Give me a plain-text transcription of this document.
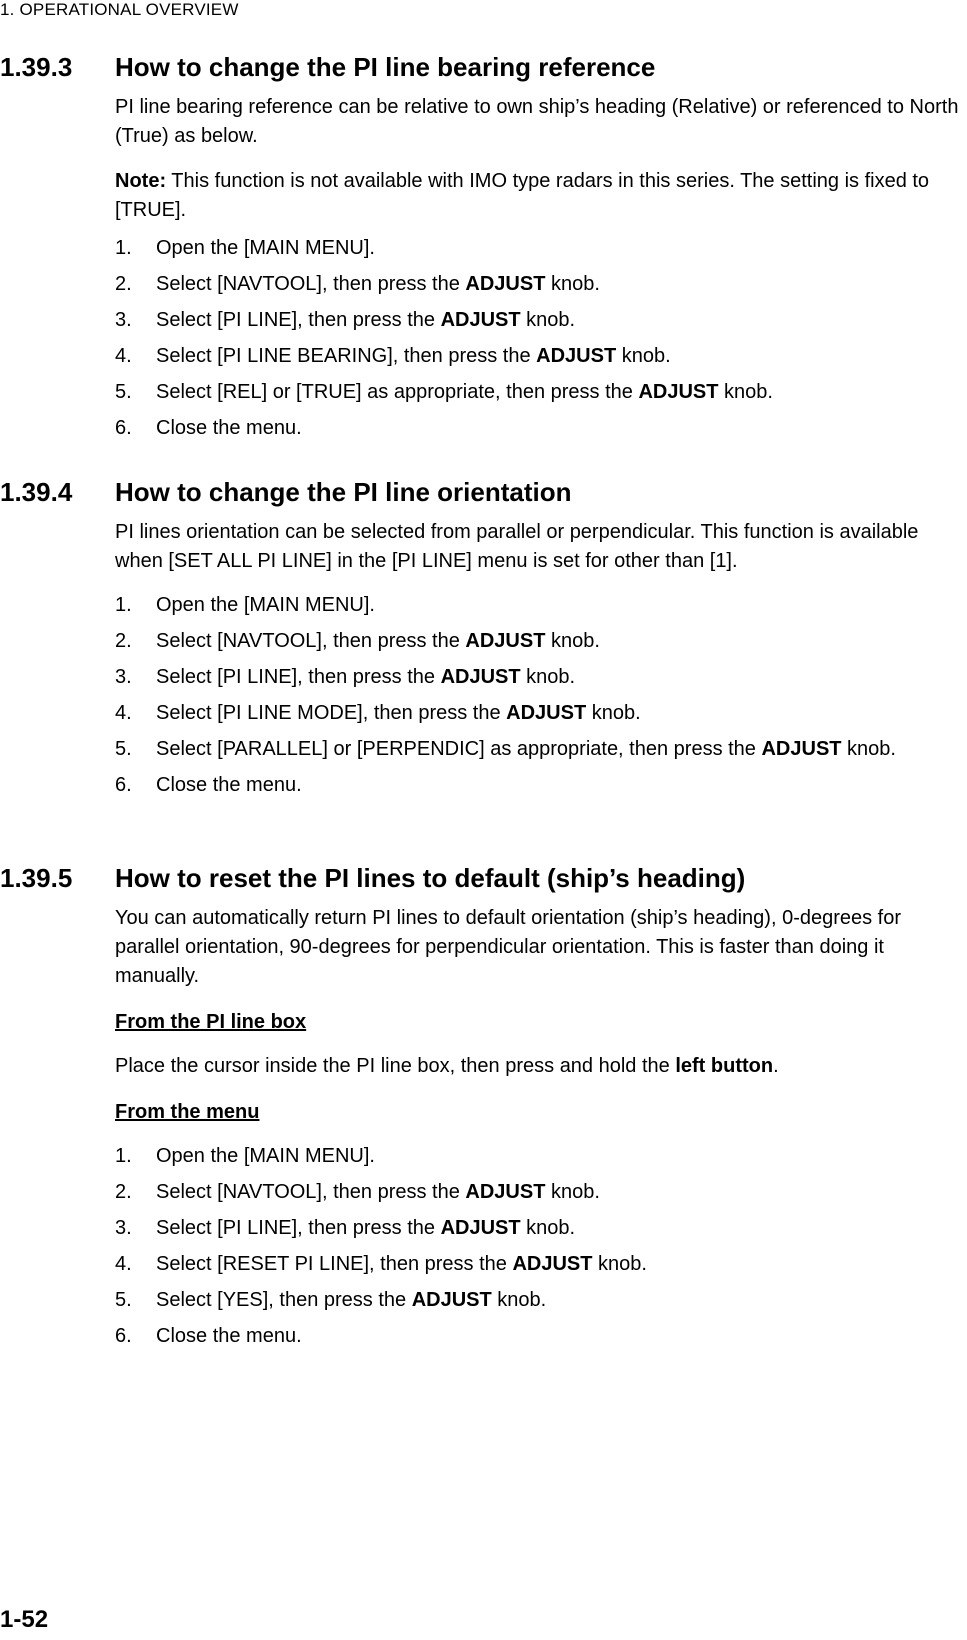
1. OPERATIONAL OVERVIEW
1.39.3 How to change the PI line bearing reference
PI line bearing reference can be relative to own ship’s heading (Relative) or referenced to North (True) as below.
Note: This function is not available with IMO type radars in this series. The setting is fixed to [TRUE].
1. Open the [MAIN MENU].
2. Select [NAVTOOL], then press the ADJUST knob.
3. Select [PI LINE], then press the ADJUST knob.
4. Select [PI LINE BEARING], then press the ADJUST knob.
5. Select [REL] or [TRUE] as appropriate, then press the ADJUST knob.
6. Close the menu.
1.39.4 How to change the PI line orientation
PI lines orientation can be selected from parallel or perpendicular. This function is available when [SET ALL PI LINE] in the [PI LINE] menu is set for other than [1].
1. Open the [MAIN MENU].
2. Select [NAVTOOL], then press the ADJUST knob.
3. Select [PI LINE], then press the ADJUST knob.
4. Select [PI LINE MODE], then press the ADJUST knob.
5. Select [PARALLEL] or [PERPENDIC] as appropriate, then press the ADJUST knob.
6. Close the menu.
1.39.5 How to reset the PI lines to default (ship’s heading)
You can automatically return PI lines to default orientation (ship’s heading), 0-degrees for parallel orientation, 90-degrees for perpendicular orientation. This is faster than doing it manually.
From the PI line box
Place the cursor inside the PI line box, then press and hold the left button.
From the menu
1. Open the [MAIN MENU].
2. Select [NAVTOOL], then press the ADJUST knob.
3. Select [PI LINE], then press the ADJUST knob.
4. Select [RESET PI LINE], then press the ADJUST knob.
5. Select [YES], then press the ADJUST knob.
6. Close the menu.
1-52
